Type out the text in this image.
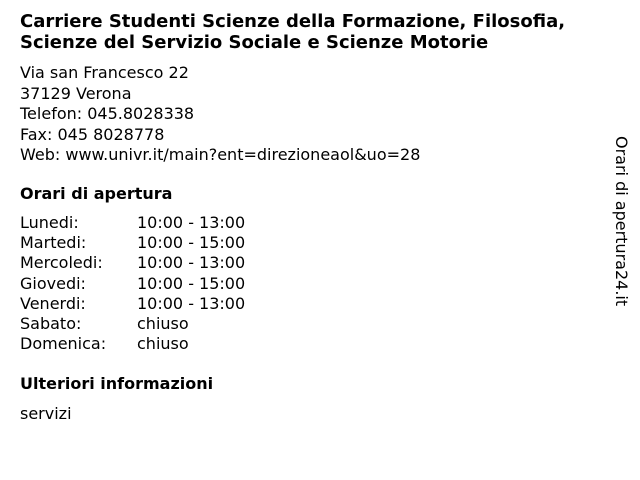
Carriere Studenti Scienze della Formazione, Filosofia,
Scienze del Servizio Sociale e Scienze Motorie
Via san Francesco 22
37129 Verona
Telefon: 045.8028338
Fax: 045 8028778
Web: www.univr.it/main?ent=direzioneaol&uo=28
Orari di apertura
Lunedi:	10:00 - 13:00
Martedi:	10:00 - 15:00
Mercoledi:	10:00 - 13:00
Giovedi:	10:00 - 15:00
Venerdi:	10:00 - 13:00
Sabato:	chiuso
Domenica:	chiuso
Ulteriori informazioni
servizi
Orari di apertura24.it
